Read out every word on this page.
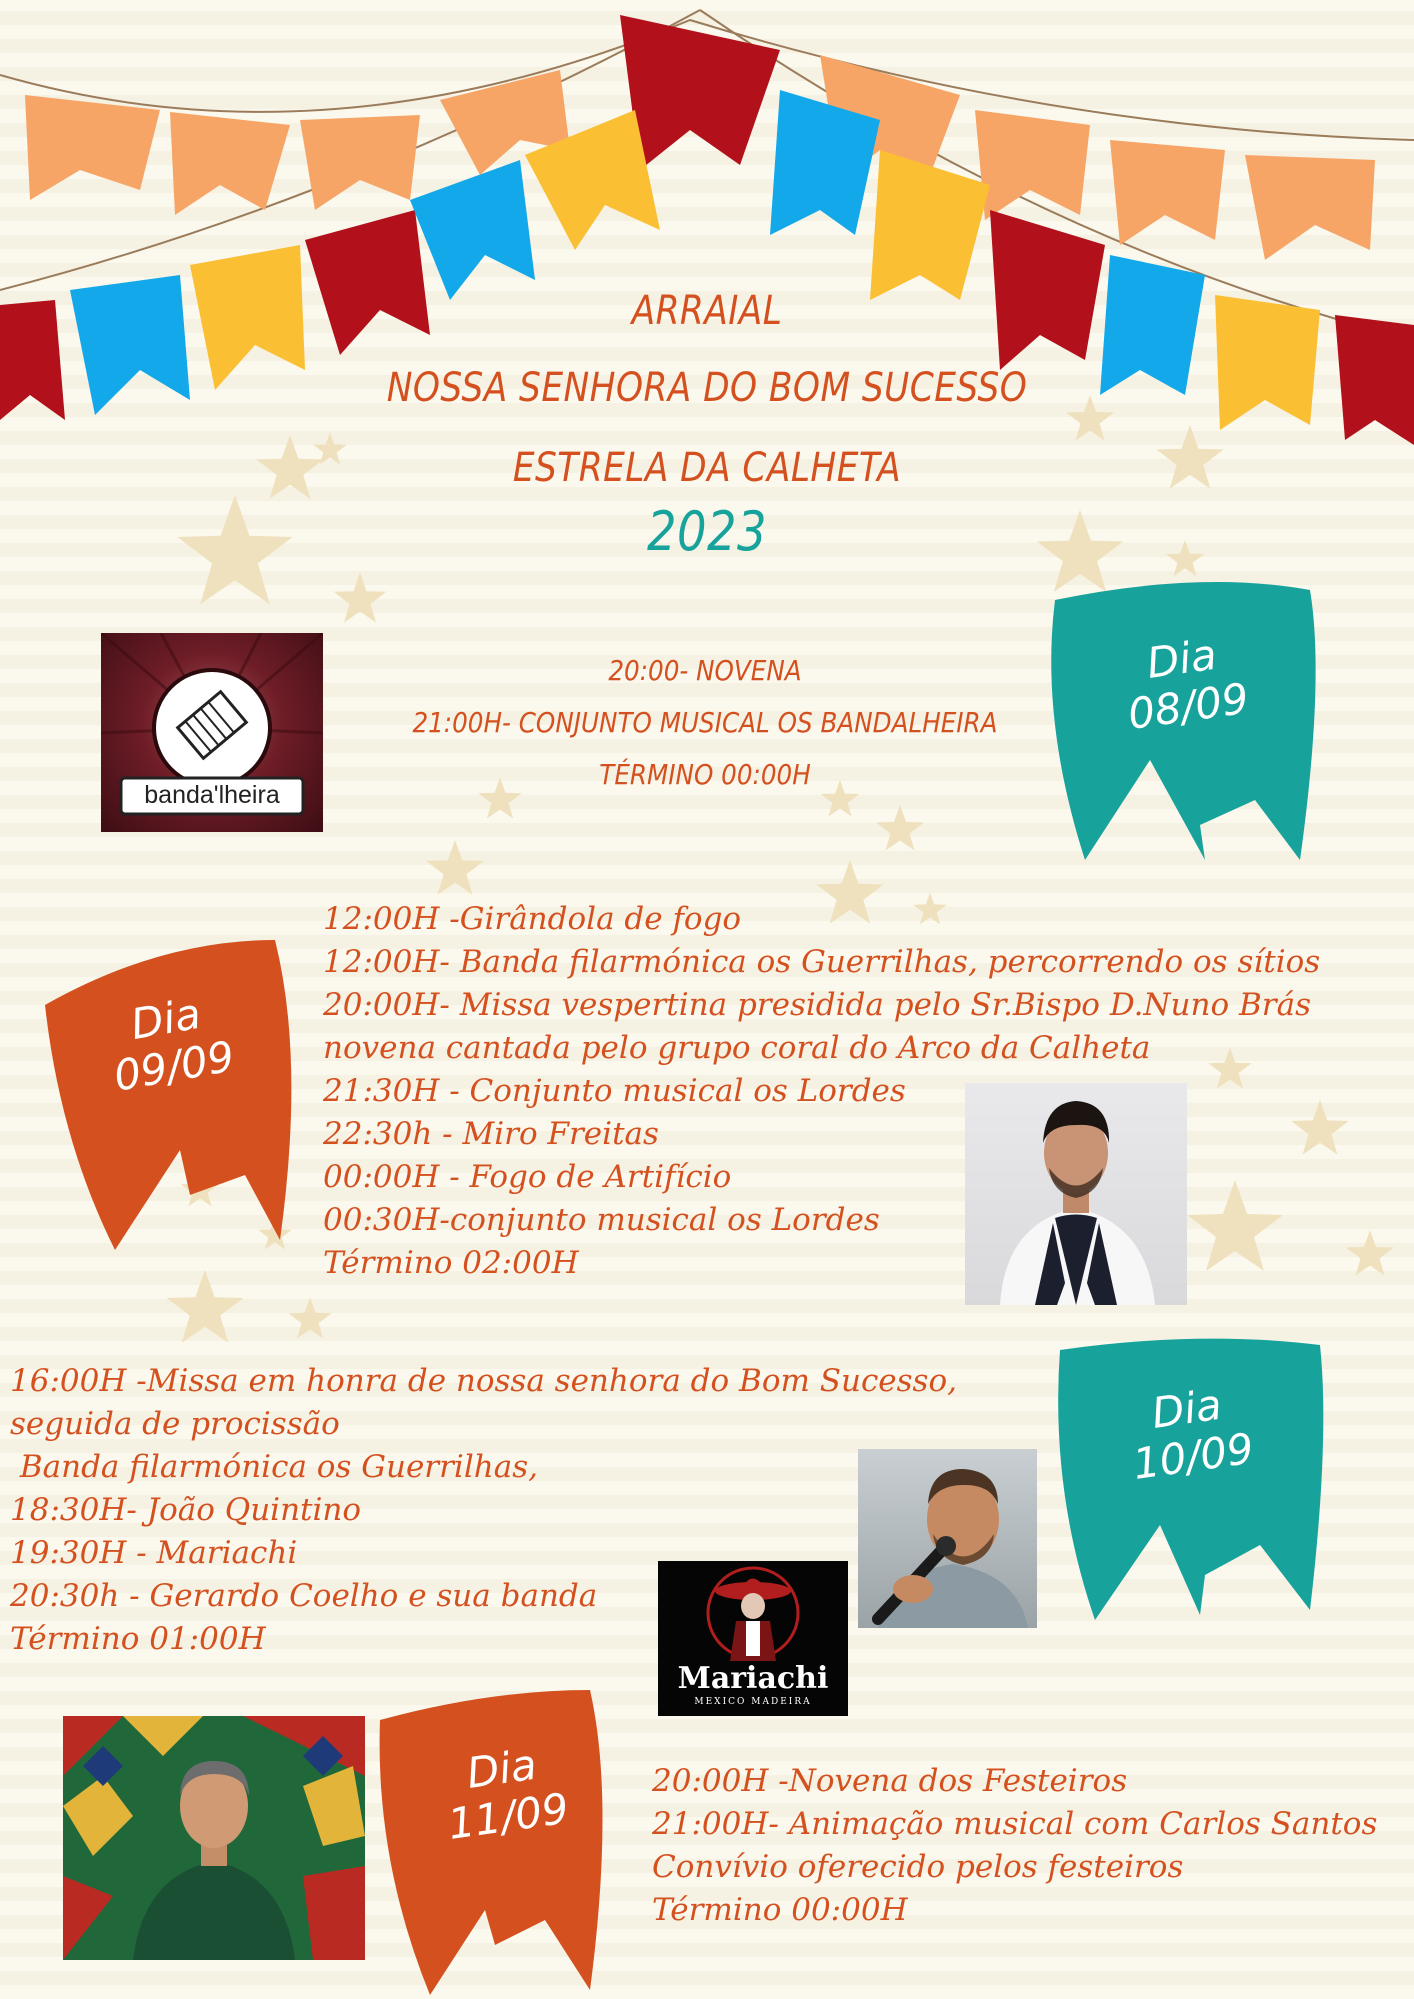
ARRAIAL
NOSSA SENHORA DO BOM SUCESSO
ESTRELA DA CALHETA
2023
Dia
08/09
20:00- NOVENA
21:00H- CONJUNTO MUSICAL OS BANDALHEIRA
TÉRMINO 00:00H
banda'lheira
Dia
09/09
12:00H -Girândola de fogo
12:00H- Banda filarmónica os Guerrilhas, percorrendo os sítios
20:00H- Missa vespertina presidida pelo Sr.Bispo D.Nuno Brás
novena cantada pelo grupo coral do Arco da Calheta
21:30H - Conjunto musical os Lordes
22:30h - Miro Freitas
00:00H - Fogo de Artifício
00:30H-conjunto musical os Lordes
Término 02:00H
Dia
10/09
16:00H -Missa em honra de nossa senhora do Bom Sucesso,
seguida de procissão
Banda filarmónica os Guerrilhas,
18:30H- João Quintino
19:30H - Mariachi
20:30h - Gerardo Coelho e sua banda
Término 01:00H
Mariachi
MEXICO MADEIRA
Dia
11/09
20:00H -Novena dos Festeiros
21:00H- Animação musical com Carlos Santos
Convívio oferecido pelos festeiros
Término 00:00H
